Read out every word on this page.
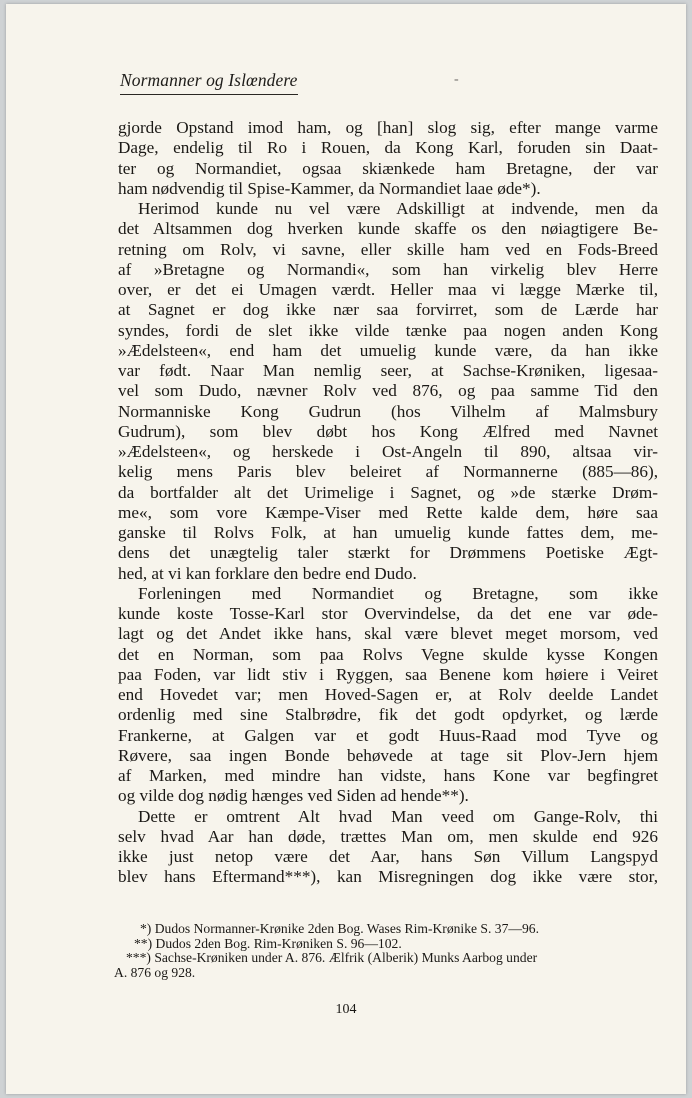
Normanner og Islœndere	-
gjorde Opstand imod ham, og [han] slog sig, efter mange varme
Dage, endelig til Ro i Rouen, da Kong Karl, foruden sin Daat-
ter og Normandiet, ogsaa skiænkede ham Bretagne, der var
ham nødvendig til Spise-Kammer, da Normandiet laae øde*).
Herimod kunde nu vel være Adskilligt at indvende, men da
det Altsammen dog hverken kunde skaffe os den nøiagtigere Be-
retning om Rolv, vi savne, eller skille ham ved en Fods-Breed
af »Bretagne og Normandi«, som han virkelig blev Herre
over, er det ei Umagen værdt. Heller maa vi lægge Mærke til,
at Sagnet er dog ikke nær saa forvirret, som de Lærde har
syndes, fordi de slet ikke vilde tænke paa nogen anden Kong
»Ædelsteen«, end ham det umuelig kunde være, da han ikke
var født. Naar Man nemlig seer, at Sachse-Krøniken, ligesaa-
vel som Dudo, nævner Rolv ved 876, og paa samme Tid den
Normanniske Kong Gudrun (hos Vilhelm af Malmsbury
Gudrum), som blev døbt hos Kong Ælfred med Navnet
»Ædelsteen«, og herskede i Ost-Angeln til 890, altsaa vir-
kelig mens Paris blev beleiret af Normannerne (885—86),
da bortfalder alt det Urimelige i Sagnet, og »de stærke Drøm-
me«, som vore Kæmpe-Viser med Rette kalde dem, høre saa
ganske til Rolvs Folk, at han umuelig kunde fattes dem, me-
dens det unægtelig taler stærkt for Drømmens Poetiske Ægt-
hed, at vi kan forklare den bedre end Dudo.
Forleningen med Normandiet og Bretagne, som ikke
kunde koste Tosse-Karl stor Overvindelse, da det ene var øde-
lagt og det Andet ikke hans, skal være blevet meget morsom, ved
det en Norman, som paa Rolvs Vegne skulde kysse Kongen
paa Foden, var lidt stiv i Ryggen, saa Benene kom høiere i Veiret
end Hovedet var; men Hoved-Sagen er, at Rolv deelde Landet
ordenlig med sine Stalbrødre, fik det godt opdyrket, og lærde
Frankerne, at Galgen var et godt Huus-Raad mod Tyve og
Røvere, saa ingen Bonde behøvede at tage sit Plov-Jern hjem
af Marken, med mindre han vidste, hans Kone var begfingret
og vilde dog nødig hænges ved Siden ad hende**).
Dette er omtrent Alt hvad Man veed om Gange-Rolv, thi
selv hvad Aar han døde, trættes Man om, men skulde end 926
ikke just netop være det Aar, hans Søn Villum Langspyd
blev hans Eftermand***), kan Misregningen dog ikke være stor,
*) Dudos Normanner-Krønike 2den Bog. Wases Rim-Krønike S. 37—96.
**) Dudos 2den Bog. Rim-Krøniken S. 96—102.
***) Sachse-Krøniken under A. 876. Ælfrik (Alberik) Munks Aarbog under
A. 876 og 928.
104
